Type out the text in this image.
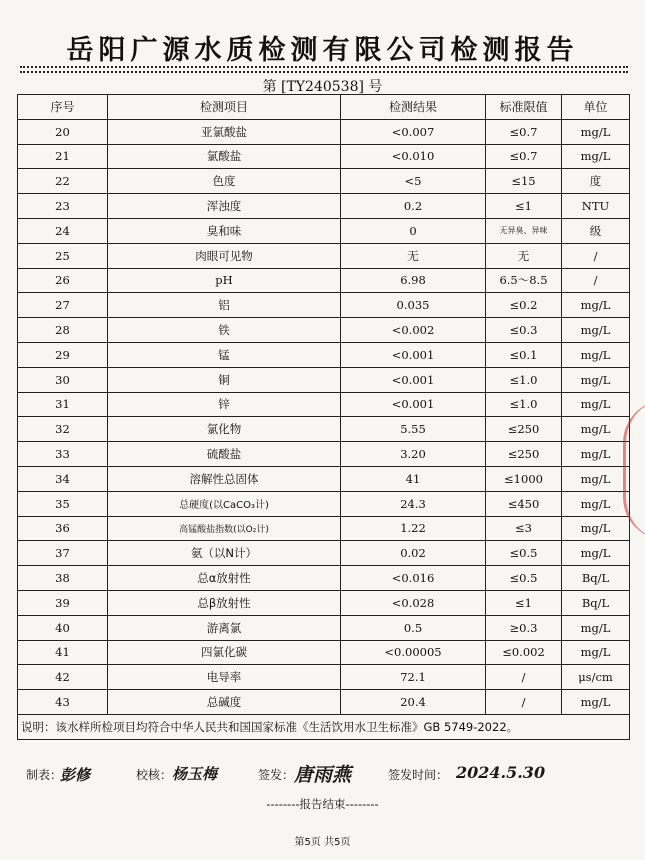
岳阳广源水质检测有限公司检测报告
第 [TY240538] 号
序号	检测项目	检测结果	标准限值	单位
20	亚氯酸盐	<0.007	≤0.7	mg/L
21	氯酸盐	<0.010	≤0.7	mg/L
22	色度	<5	≤15	度
23	浑浊度	0.2	≤1	NTU
24	臭和味	0	无异臭、异味	级
25	肉眼可见物	无	无	/
26	pH	6.98	6.5～8.5	/
27	铝	0.035	≤0.2	mg/L
28	铁	<0.002	≤0.3	mg/L
29	锰	<0.001	≤0.1	mg/L
30	铜	<0.001	≤1.0	mg/L
31	锌	<0.001	≤1.0	mg/L
32	氯化物	5.55	≤250	mg/L
33	硫酸盐	3.20	≤250	mg/L
34	溶解性总固体	41	≤1000	mg/L
35	总硬度(以CaCO₃计)	24.3	≤450	mg/L
36	高锰酸盐指数(以O₂计)	1.22	≤3	mg/L
37	氨（以N计）	0.02	≤0.5	mg/L
38	总α放射性	<0.016	≤0.5	Bq/L
39	总β放射性	<0.028	≤1	Bq/L
40	游离氯	0.5	≥0.3	mg/L
41	四氯化碳	<0.00005	≤0.002	mg/L
42	电导率	72.1	/	μs/cm
43	总碱度	20.4	/	mg/L
说明：该水样所检项目均符合中华人民共和国国家标准《生活饮用水卫生标准》GB 5749-2022。				
制表：
彭修	校核： 杨玉梅	签发： 唐雨燕	签发时间： 2024.5.30
--------报告结束--------
第5页 共5页
